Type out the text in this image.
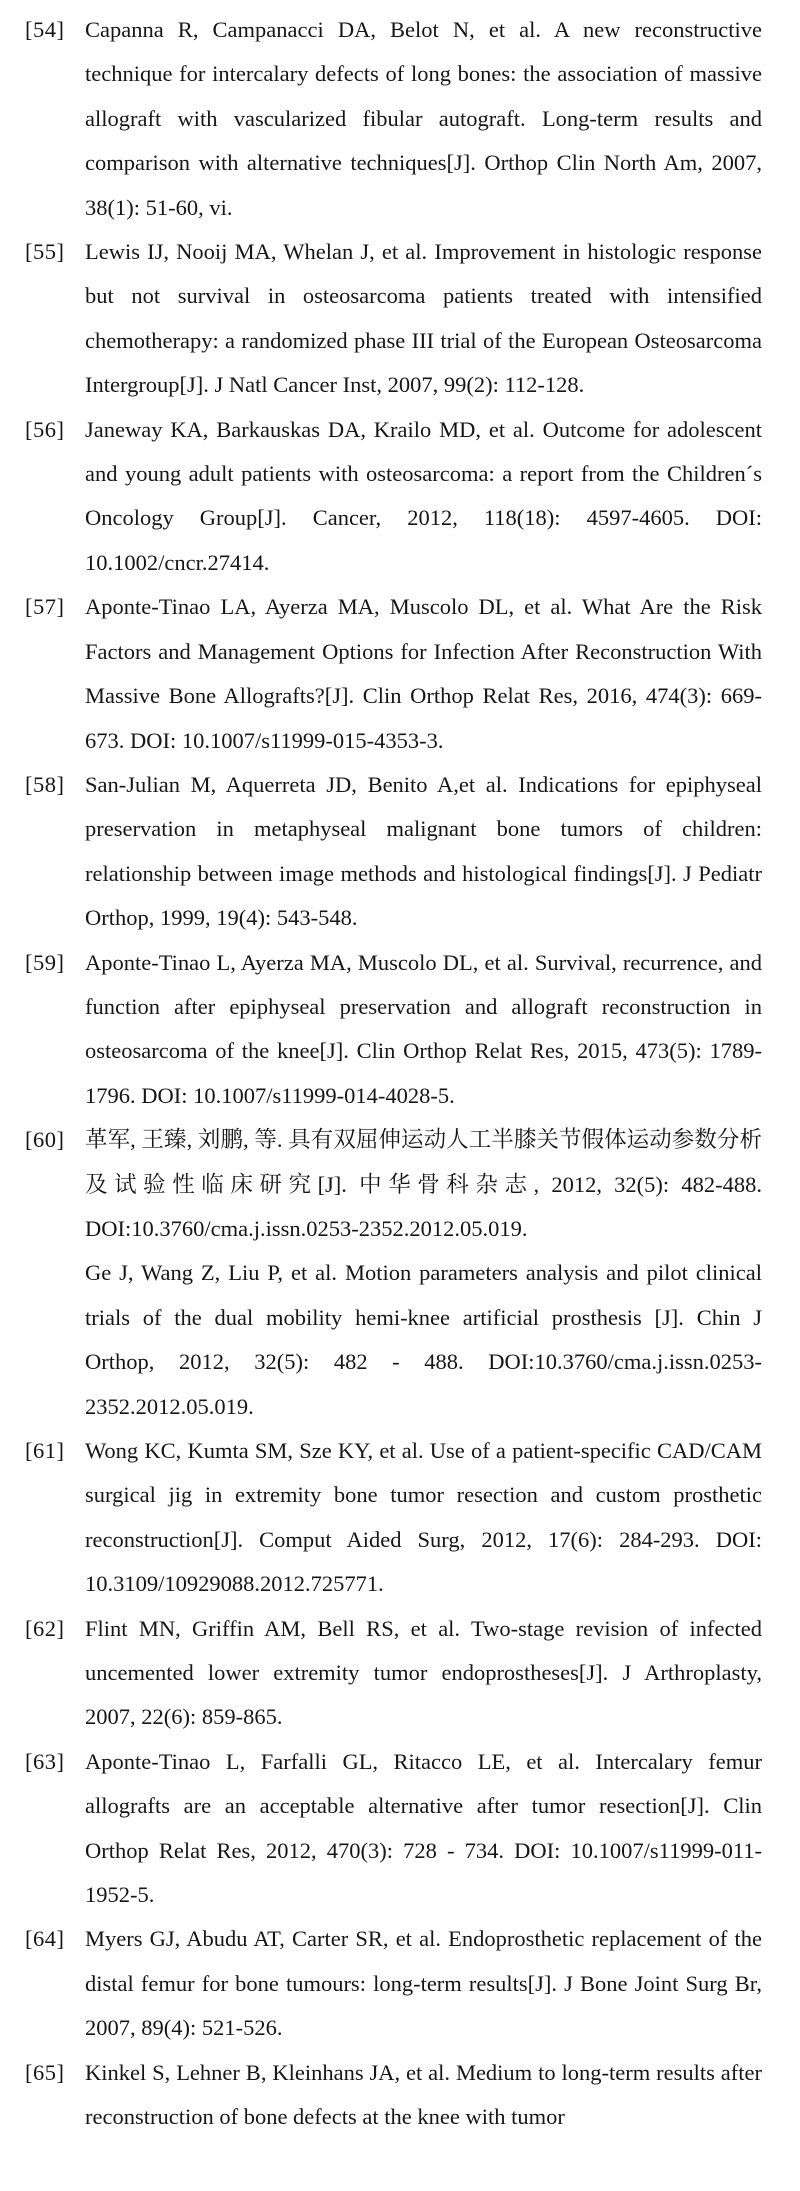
[54] Capanna R, Campanacci DA, Belot N, et al. A new reconstructive technique for intercalary defects of long bones: the association of massive allograft with vascularized fibular autograft. Long-term results and comparison with alternative techniques[J]. Orthop Clin North Am, 2007, 38(1): 51-60, vi.

[55] Lewis IJ, Nooij MA, Whelan J, et al. Improvement in histologic response but not survival in osteosarcoma patients treated with intensified chemotherapy: a randomized phase III trial of the European Osteosarcoma Intergroup[J]. J Natl Cancer Inst, 2007, 99(2): 112-128.

[56] Janeway KA, Barkauskas DA, Krailo MD, et al. Outcome for adolescent and young adult patients with osteosarcoma: a report from the Children´s Oncology Group[J]. Cancer, 2012, 118(18): 4597-4605. DOI: 10.1002/cncr.27414.

[57] Aponte-Tinao LA, Ayerza MA, Muscolo DL, et al. What Are the Risk Factors and Management Options for Infection After Reconstruction With Massive Bone Allografts?[J]. Clin Orthop Relat Res, 2016, 474(3): 669-673. DOI: 10.1007/s11999-015-4353-3.

[58] San-Julian M, Aquerreta JD, Benito A,et al. Indications for epiphyseal preservation in metaphyseal malignant bone tumors of children: relationship between image methods and histological findings[J]. J Pediatr Orthop, 1999, 19(4): 543-548.

[59] Aponte-Tinao L, Ayerza MA, Muscolo DL, et al. Survival, recurrence, and function after epiphyseal preservation and allograft reconstruction in osteosarcoma of the knee[J]. Clin Orthop Relat Res, 2015, 473(5): 1789-1796. DOI: 10.1007/s11999-014-4028-5.

[60] 革军, 王臻, 刘鹏, 等. 具有双屈伸运动人工半膝关节假体运动参数分析及试验性临床研究[J]. 中华骨科杂志, 2012, 32(5): 482-488. DOI:10.3760/cma.j.issn.0253-2352.2012.05.019.

Ge J, Wang Z, Liu P, et al. Motion parameters analysis and pilot clinical trials of the dual mobility hemi-knee artificial prosthesis [J]. Chin J Orthop, 2012, 32(5): 482 - 488. DOI:10.3760/cma.j.issn.0253-2352.2012.05.019.

[61] Wong KC, Kumta SM, Sze KY, et al. Use of a patient-specific CAD/CAM surgical jig in extremity bone tumor resection and custom prosthetic reconstruction[J]. Comput Aided Surg, 2012, 17(6): 284-293. DOI: 10.3109/10929088.2012.725771.

[62] Flint MN, Griffin AM, Bell RS, et al. Two-stage revision of infected uncemented lower extremity tumor endoprostheses[J]. J Arthroplasty, 2007, 22(6): 859-865.

[63] Aponte-Tinao L, Farfalli GL, Ritacco LE, et al. Intercalary femur allografts are an acceptable alternative after tumor resection[J]. Clin Orthop Relat Res, 2012, 470(3): 728 - 734. DOI: 10.1007/s11999-011-1952-5.

[64] Myers GJ, Abudu AT, Carter SR, et al. Endoprosthetic replacement of the distal femur for bone tumours: long-term results[J]. J Bone Joint Surg Br, 2007, 89(4): 521-526.

[65] Kinkel S, Lehner B, Kleinhans JA, et al. Medium to long-term results after reconstruction of bone defects at the knee with tumor
